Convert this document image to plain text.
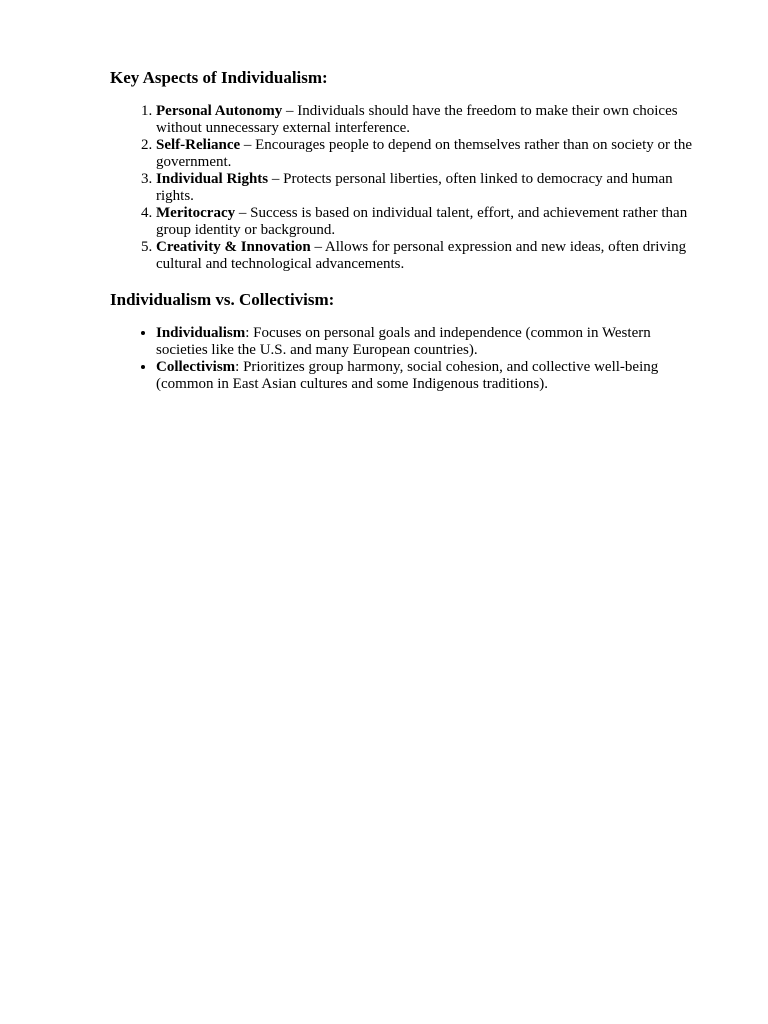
Key Aspects of Individualism:
1. Personal Autonomy – Individuals should have the freedom to make their own choices without unnecessary external interference.
2. Self-Reliance – Encourages people to depend on themselves rather than on society or the government.
3. Individual Rights – Protects personal liberties, often linked to democracy and human rights.
4. Meritocracy – Success is based on individual talent, effort, and achievement rather than group identity or background.
5. Creativity & Innovation – Allows for personal expression and new ideas, often driving cultural and technological advancements.
Individualism vs. Collectivism:
• Individualism: Focuses on personal goals and independence (common in Western societies like the U.S. and many European countries).
• Collectivism: Prioritizes group harmony, social cohesion, and collective well-being (common in East Asian cultures and some Indigenous traditions).
